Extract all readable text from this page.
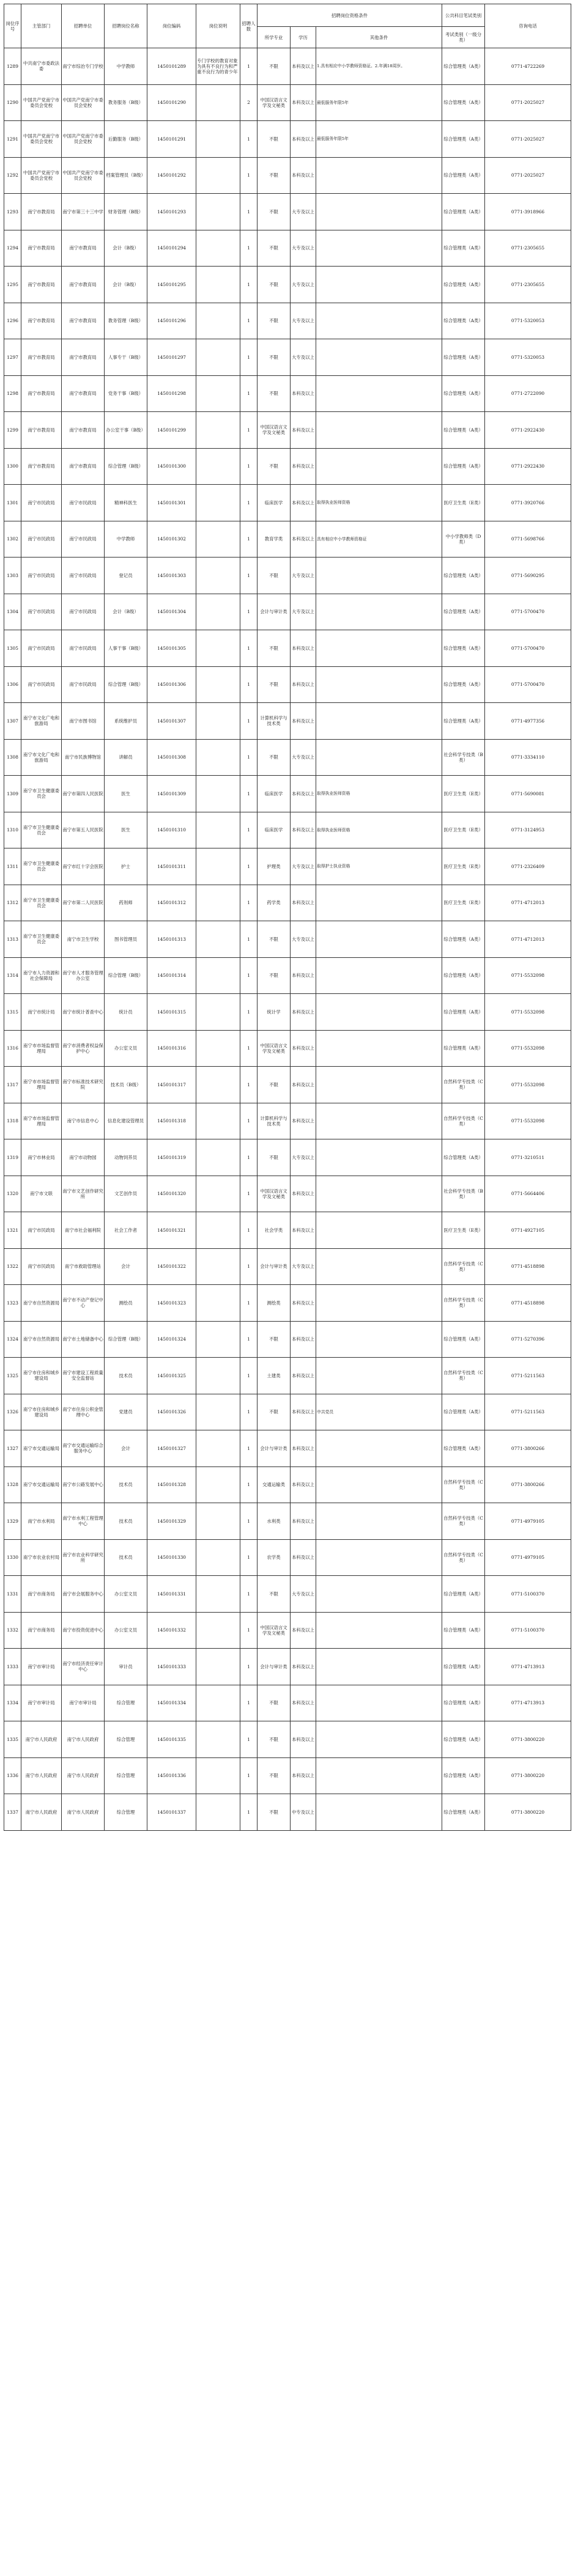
岗位序号	主管部门	招聘单位	招聘岗位名称	岗位编码	岗位说明	招聘人数	招聘岗位资格条件			公共科目笔试类别	咨询电话
							所学专业	学历	其他条件	考试类别（一级分类）	
1289	中共南宁市委政法委	南宁市综治专门学校	中学教师	1450101289	专门学校的教育对象为具有不良行为和严重不良行为的青少年	1	不限	本科及以上	1.具有相应中小学教师资格证。2.年满18周岁。	综合管理类（A类）	0771-4722269
1290	中国共产党南宁市委员会党校	中国共产党南宁市委员会党校	教务服务（B级）	1450101290		2	中国汉语言文学及文秘类	本科及以上	最低服务年限5年	综合管理类（A类）	0771-2025027
1291	中国共产党南宁市委员会党校	中国共产党南宁市委员会党校	后勤服务（B级）	1450101291		1	不限	本科及以上	最低服务年限5年	综合管理类（A类）	0771-2025027
1292	中国共产党南宁市委员会党校	中国共产党南宁市委员会党校	档案管理员（B级）	1450101292		1	不限	本科及以上		综合管理类（A类）	0771-2025027
1293	南宁市教育局	南宁市第三十三中学	财务管理（B级）	1450101293		1	不限	大专及以上		综合管理类（A类）	0771-3918966
1294	南宁市教育局	南宁市教育局	会计（B级）	1450101294		1	不限	大专及以上		综合管理类（A类）	0771-2305655
1295	南宁市教育局	南宁市教育局	会计（B级）	1450101295		1	不限	大专及以上		综合管理类（A类）	0771-2305655
1296	南宁市教育局	南宁市教育局	教务管理（B级）	1450101296		1	不限	大专及以上		综合管理类（A类）	0771-5320053
1297	南宁市教育局	南宁市教育局	人事专干（B级）	1450101297		1	不限	大专及以上		综合管理类（A类）	0771-5320053
1298	南宁市教育局	南宁市教育局	党务干事（B级）	1450101298		1	不限	本科及以上		综合管理类（A类）	0771-2722090
1299	南宁市教育局	南宁市教育局	办公室干事（B级）	1450101299		1	中国汉语言文学及文秘类	本科及以上		综合管理类（A类）	0771-2922430
1300	南宁市教育局	南宁市教育局	综合管理（B级）	1450101300		1	不限	本科及以上		综合管理类（A类）	0771-2922430
1301	南宁市民政局	南宁市民政局	精神科医生	1450101301		1	临床医学	本科及以上	取得执业医师资格	医疗卫生类（E类）	0771-3920766
1302	南宁市民政局	南宁市民政局	中学教师	1450101302		1	教育学类	本科及以上	具有相应中小学教师资格证	中小学教师类（D类）	0771-5698766
1303	南宁市民政局	南宁市民政局	登记员	1450101303		1	不限	大专及以上		综合管理类（A类）	0771-5690295
1304	南宁市民政局	南宁市民政局	会计（B级）	1450101304		1	会计与审计类	大专及以上		综合管理类（A类）	0771-5700470
1305	南宁市民政局	南宁市民政局	人事干事（B级）	1450101305		1	不限	本科及以上		综合管理类（A类）	0771-5700470
1306	南宁市民政局	南宁市民政局	综合管理（B级）	1450101306		1	不限	本科及以上		综合管理类（A类）	0771-5700470
1307	南宁市文化广电和旅游局	南宁市图书馆	系统维护员	1450101307		1	计算机科学与技术类	本科及以上		综合管理类（A类）	0771-4977356
1308	南宁市文化广电和旅游局	南宁市民族博物馆	讲解员	1450101308		1	不限	大专及以上		社会科学专技类（B类）	0771-3334110
1309	南宁市卫生健康委员会	南宁市第四人民医院	医生	1450101309		1	临床医学	本科及以上	取得执业医师资格	医疗卫生类（E类）	0771-5690081
1310	南宁市卫生健康委员会	南宁市第五人民医院	医生	1450101310		1	临床医学	本科及以上	取得执业医师资格	医疗卫生类（E类）	0771-3124953
1311	南宁市卫生健康委员会	南宁市红十字会医院	护士	1450101311		1	护理类	大专及以上	取得护士执业资格	医疗卫生类（E类）	0771-2326409
1312	南宁市卫生健康委员会	南宁市第二人民医院	药剂师	1450101312		1	药学类	本科及以上		医疗卫生类（E类）	0771-4712013
1313	南宁市卫生健康委员会	南宁市卫生学校	图书管理员	1450101313		1	不限	大专及以上		综合管理类（A类）	0771-4712013
1314	南宁市人力资源和社会保障局	南宁市人才服务管理办公室	综合管理（B级）	1450101314		1	不限	本科及以上		综合管理类（A类）	0771-5532098
1315	南宁市统计局	南宁市统计普查中心	统计员	1450101315		1	统计学	本科及以上		综合管理类（A类）	0771-5532098
1316	南宁市市场监督管理局	南宁市消费者权益保护中心	办公室文员	1450101316		1	中国汉语言文学及文秘类	本科及以上		综合管理类（A类）	0771-5532098
1317	南宁市市场监督管理局	南宁市标准技术研究院	技术员（B级）	1450101317		1	不限	本科及以上		自然科学专技类（C类）	0771-5532098
1318	南宁市市场监督管理局	南宁市信息中心	信息化建设管理员	1450101318		1	计算机科学与技术类	本科及以上		自然科学专技类（C类）	0771-5532098
1319	南宁市林业局	南宁市动物园	动物饲养员	1450101319		1	不限	大专及以上		综合管理类（A类）	0771-3210511
1320	南宁市文联	南宁市文艺创作研究所	文艺创作员	1450101320		1	中国汉语言文学及文秘类	本科及以上		社会科学专技类（B类）	0771-5664406
1321	南宁市民政局	南宁市社会福利院	社会工作者	1450101321		1	社会学类	本科及以上		医疗卫生类（E类）	0771-4927105
1322	南宁市民政局	南宁市救助管理站	会计	1450101322		1	会计与审计类	大专及以上		自然科学专技类（C类）	0771-4518898
1323	南宁市自然资源局	南宁市不动产登记中心	测绘员	1450101323		1	测绘类	本科及以上		自然科学专技类（C类）	0771-4518898
1324	南宁市自然资源局	南宁市土地储备中心	综合管理（B级）	1450101324		1	不限	本科及以上		综合管理类（A类）	0771-5270396
1325	南宁市住房和城乡建设局	南宁市建设工程质量安全监督站	技术员	1450101325		1	土建类	本科及以上		自然科学专技类（C类）	0771-5211563
1326	南宁市住房和城乡建设局	南宁市住房公积金管理中心	党建员	1450101326		1	不限	本科及以上	中共党员	综合管理类（A类）	0771-5211563
1327	南宁市交通运输局	南宁市交通运输综合服务中心	会计	1450101327		1	会计与审计类	本科及以上		综合管理类（A类）	0771-3800266
1328	南宁市交通运输局	南宁市公路发展中心	技术员	1450101328		1	交通运输类	本科及以上		自然科学专技类（C类）	0771-3800266
1329	南宁市水利局	南宁市水利工程管理中心	技术员	1450101329		1	水利类	本科及以上		自然科学专技类（C类）	0771-4979105
1330	南宁市农业农村局	南宁市农业科学研究所	技术员	1450101330		1	农学类	本科及以上		自然科学专技类（C类）	0771-4979105
1331	南宁市商务局	南宁市会展服务中心	办公室文员	1450101331		1	不限	大专及以上		综合管理类（A类）	0771-5100370
1332	南宁市商务局	南宁市投资促进中心	办公室文员	1450101332		1	中国汉语言文学及文秘类	本科及以上		综合管理类（A类）	0771-5100370
1333	南宁市审计局	南宁市经济责任审计中心	审计员	1450101333		1	会计与审计类	本科及以上		综合管理类（A类）	0771-4713913
1334	南宁市审计局	南宁市审计局	综合管理	1450101334		1	不限	本科及以上		综合管理类（A类）	0771-4713913
1335	南宁市人民政府	南宁市人民政府	综合管理	1450101335		1	不限	本科及以上		综合管理类（A类）	0771-3800220
1336	南宁市人民政府	南宁市人民政府	综合管理	1450101336		1	不限	本科及以上		综合管理类（A类）	0771-3800220
1337	南宁市人民政府	南宁市人民政府	综合管理	1450101337		1	不限	中专及以上		综合管理类（A类）	0771-3800220
